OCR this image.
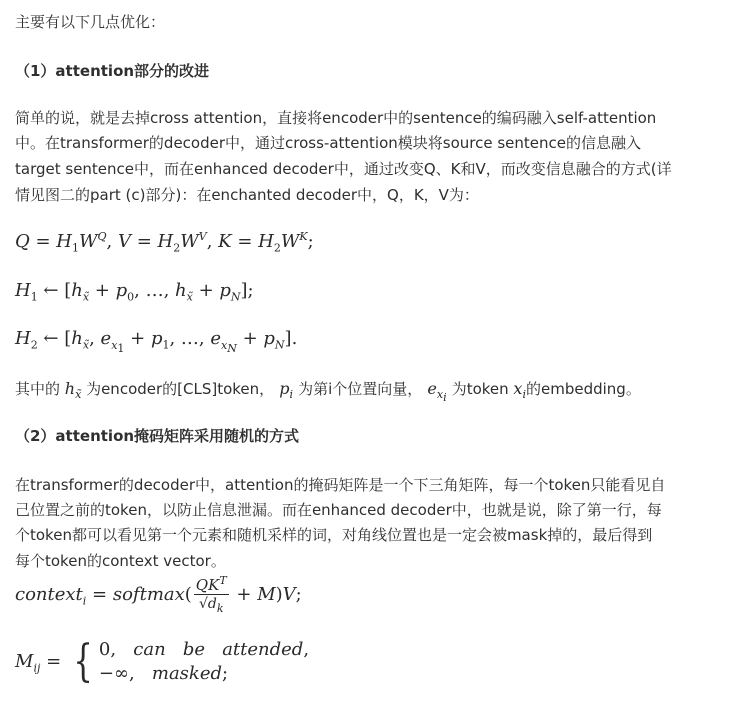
主要有以下几点优化：
（1）attention部分的改进
简单的说，就是去掉cross attention，直接将encoder中的sentence的编码融入self-attention
中。在transformer的decoder中，通过cross-attention模块将source sentence的信息融入
target sentence中，而在enhanced decoder中，通过改变Q、K和V，而改变信息融合的方式(详
情见图二的part (c)部分)：在enchanted decoder中，Q，K，V为：
$Q = H_1W^Q$, $V = H_2W^V$, $K = H_2W^K$;
$H_1$ ← [$h_{x̃} + p_0$, …, $h_{x̃} + p_N$];
$H_2$ ← [$h_{x̃}$, $e_{x_1} + p_1$, …, $e_{x_N} + p_N$].
其中的 $h_{x̃}$ 为encoder的[CLS]token， $p_i$ 为第i个位置向量， $e_{x_i}$ 为token $x_i$的embedding。
（2）attention掩码矩阵采用随机的方式
在transformer的decoder中，attention的掩码矩阵是一个下三角矩阵，每一个token只能看见自
己位置之前的token，以防止信息泄漏。而在enhanced decoder中，也就是说，除了第一行，每
个token都可以看见第一个元素和随机采样的词，对角线位置也是一定会被mask掉的，最后得到
每个token的context vector。
context$_i$ = softmax( $\frac{QK^T}{√d_k} + M)V$;
$M_{ij}$ = { 0,   can be attended,
−∞,   masked;
